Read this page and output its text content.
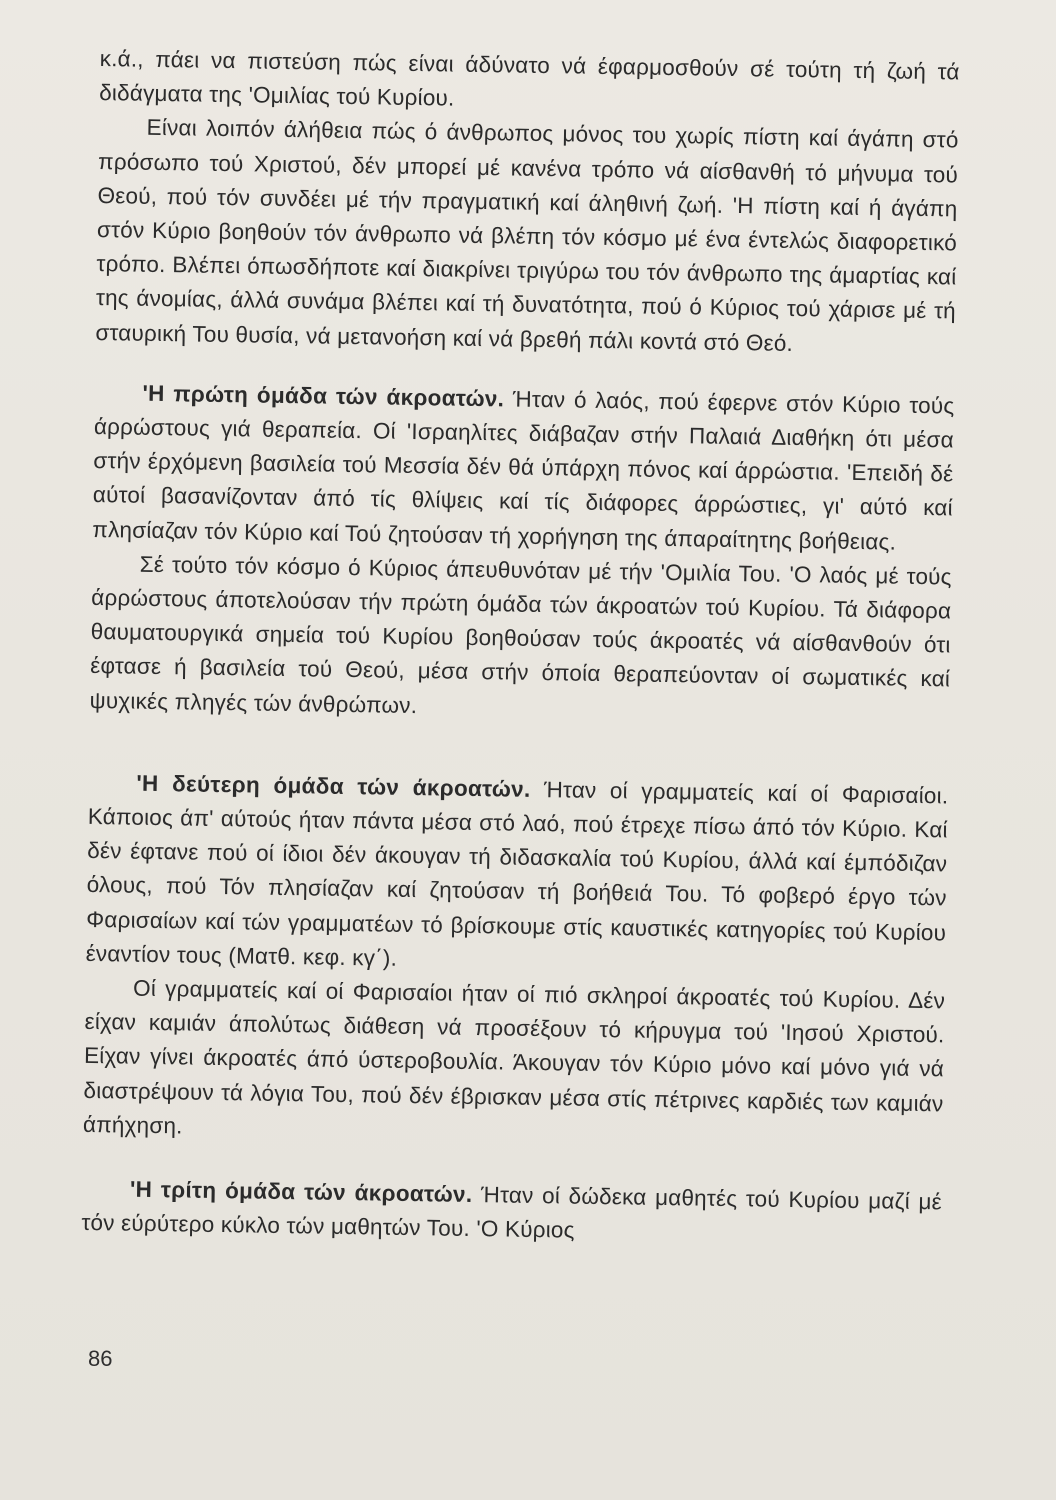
κ.ά., πάει να πιστεύση πώς είναι άδύνατο νά έφαρμοσθούν σέ τούτη τή ζωή τά διδάγματα της 'Ομιλίας τού Κυρίου.

Είναι λοιπόν άλήθεια πώς ό άνθρωπος μόνος του χωρίς πίστη καί άγάπη στό πρόσωπο τού Χριστού, δέν μπορεί μέ κανένα τρόπο νά αίσθανθή τό μήνυμα τού Θεού, πού τόν συνδέει μέ τήν πραγματική καί άληθινή ζωή. 'Η πίστη καί ή άγάπη στόν Κύριο βοηθούν τόν άνθρωπο νά βλέπη τόν κόσμο μέ ένα έντελώς διαφορετικό τρόπο. Βλέπει όπωσδήποτε καί διακρίνει τριγύρω του τόν άνθρωπο της άμαρτίας καί της άνομίας, άλλά συνάμα βλέπει καί τή δυνατότητα, πού ό Κύριος τού χάρισε μέ τή σταυρική Του θυσία, νά μετανοήση καί νά βρεθή πάλι κοντά στό Θεό.

'Η πρώτη όμάδα τών άκροατών. Ήταν ό λαός, πού έφερνε στόν Κύριο τούς άρρώστους γιά θεραπεία. Οί 'Ισραηλίτες διάβαζαν στήν Παλαιά Διαθήκη ότι μέσα στήν έρχόμενη βασιλεία τού Μεσσία δέν θά ύπάρχη πόνος καί άρρώστια. 'Επειδή δέ αύτοί βασανίζονταν άπό τίς θλίψεις καί τίς διάφορες άρρώστιες, γι' αύτό καί πλησίαζαν τόν Κύριο καί Τού ζητούσαν τή χορήγηση της άπαραίτητης βοήθειας.

Σέ τούτο τόν κόσμο ό Κύριος άπευθυνόταν μέ τήν 'Ομιλία Του. 'Ο λαός μέ τούς άρρώστους άποτελούσαν τήν πρώτη όμάδα τών άκροατών τού Κυρίου. Τά διάφορα θαυματουργικά σημεία τού Κυρίου βοηθούσαν τούς άκροατές νά αίσθανθούν ότι έφτασε ή βασιλεία τού Θεού, μέσα στήν όποία θεραπεύονταν οί σωματικές καί ψυχικές πληγές τών άνθρώπων.

'Η δεύτερη όμάδα τών άκροατών. Ήταν οί γραμματείς καί οί Φαρισαίοι. Κάποιος άπ' αύτούς ήταν πάντα μέσα στό λαό, πού έτρεχε πίσω άπό τόν Κύριο. Καί δέν έφτανε πού οί ίδιοι δέν άκουγαν τή διδασκαλία τού Κυρίου, άλλά καί έμπόδιζαν όλους, πού Τόν πλησίαζαν καί ζητούσαν τή βοήθειά Του. Τό φοβερό έργο τών Φαρισαίων καί τών γραμματέων τό βρίσκουμε στίς καυστικές κατηγορίες τού Κυρίου έναντίον τους (Ματθ. κεφ. κγ΄).

Οί γραμματείς καί οί Φαρισαίοι ήταν οί πιό σκληροί άκροατές τού Κυρίου. Δέν είχαν καμιάν άπολύτως διάθεση νά προσέξουν τό κήρυγμα τού 'Ιησού Χριστού. Είχαν γίνει άκροατές άπό ύστεροβουλία. Άκουγαν τόν Κύριο μόνο καί μόνο γιά νά διαστρέψουν τά λόγια Του, πού δέν έβρισκαν μέσα στίς πέτρινες καρδιές των καμιάν άπήχηση.

'Η τρίτη όμάδα τών άκροατών. Ήταν οί δώδεκα μαθητές τού Κυρίου μαζί μέ τόν εύρύτερο κύκλο τών μαθητών Του. 'Ο Κύριος

86
